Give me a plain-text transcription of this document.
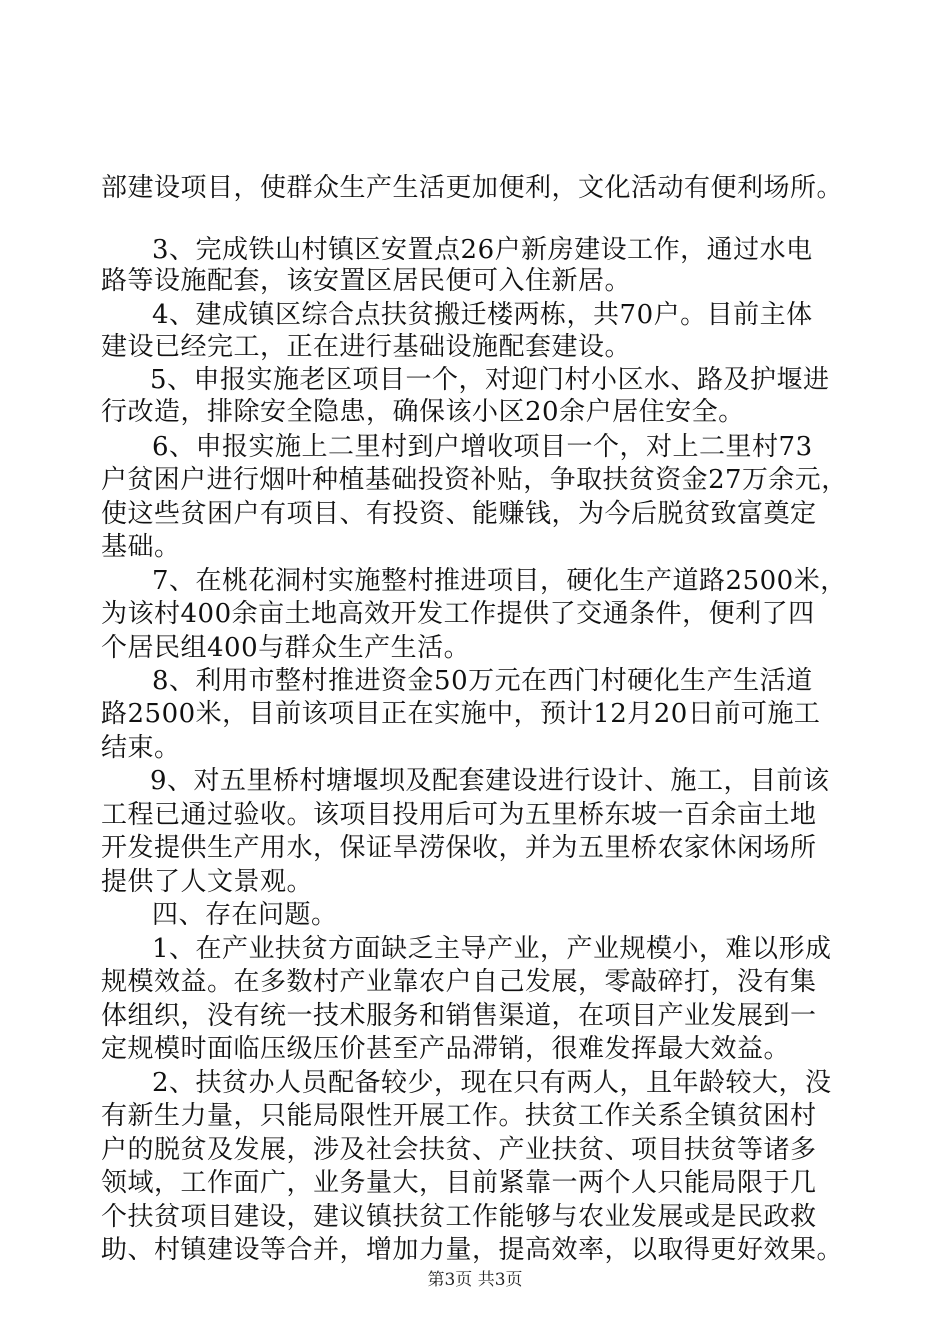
部建设项目，使群众生产生活更加便利，文化活动有便利场所。
3、完成铁山村镇区安置点26户新房建设工作，通过水电
路等设施配套，该安置区居民便可入住新居。
4、建成镇区综合点扶贫搬迁楼两栋，共70户。目前主体
建设已经完工，正在进行基础设施配套建设。
5、申报实施老区项目一个，对迎门村小区水、路及护堰进
行改造，排除安全隐患，确保该小区20余户居住安全。
6、申报实施上二里村到户增收项目一个，对上二里村73
户贫困户进行烟叶种植基础投资补贴，争取扶贫资金27万余元，
使这些贫困户有项目、有投资、能赚钱，为今后脱贫致富奠定
基础。
7、在桃花洞村实施整村推进项目，硬化生产道路2500米，
为该村400余亩土地高效开发工作提供了交通条件，便利了四
个居民组400与群众生产生活。
8、利用市整村推进资金50万元在西门村硬化生产生活道
路2500米，目前该项目正在实施中，预计12月20日前可施工
结束。
9、对五里桥村塘堰坝及配套建设进行设计、施工，目前该
工程已通过验收。该项目投用后可为五里桥东坡一百余亩土地
开发提供生产用水，保证旱涝保收，并为五里桥农家休闲场所
提供了人文景观。
四、存在问题。
1、在产业扶贫方面缺乏主导产业，产业规模小，难以形成
规模效益。在多数村产业靠农户自己发展，零敲碎打，没有集
体组织，没有统一技术服务和销售渠道，在项目产业发展到一
定规模时面临压级压价甚至产品滞销，很难发挥最大效益。
2、扶贫办人员配备较少，现在只有两人，且年龄较大，没
有新生力量，只能局限性开展工作。扶贫工作关系全镇贫困村
户的脱贫及发展，涉及社会扶贫、产业扶贫、项目扶贫等诸多
领域，工作面广，业务量大，目前紧靠一两个人只能局限于几
个扶贫项目建设，建议镇扶贫工作能够与农业发展或是民政救
助、村镇建设等合并，增加力量，提高效率，以取得更好效果。
第3页 共3页
